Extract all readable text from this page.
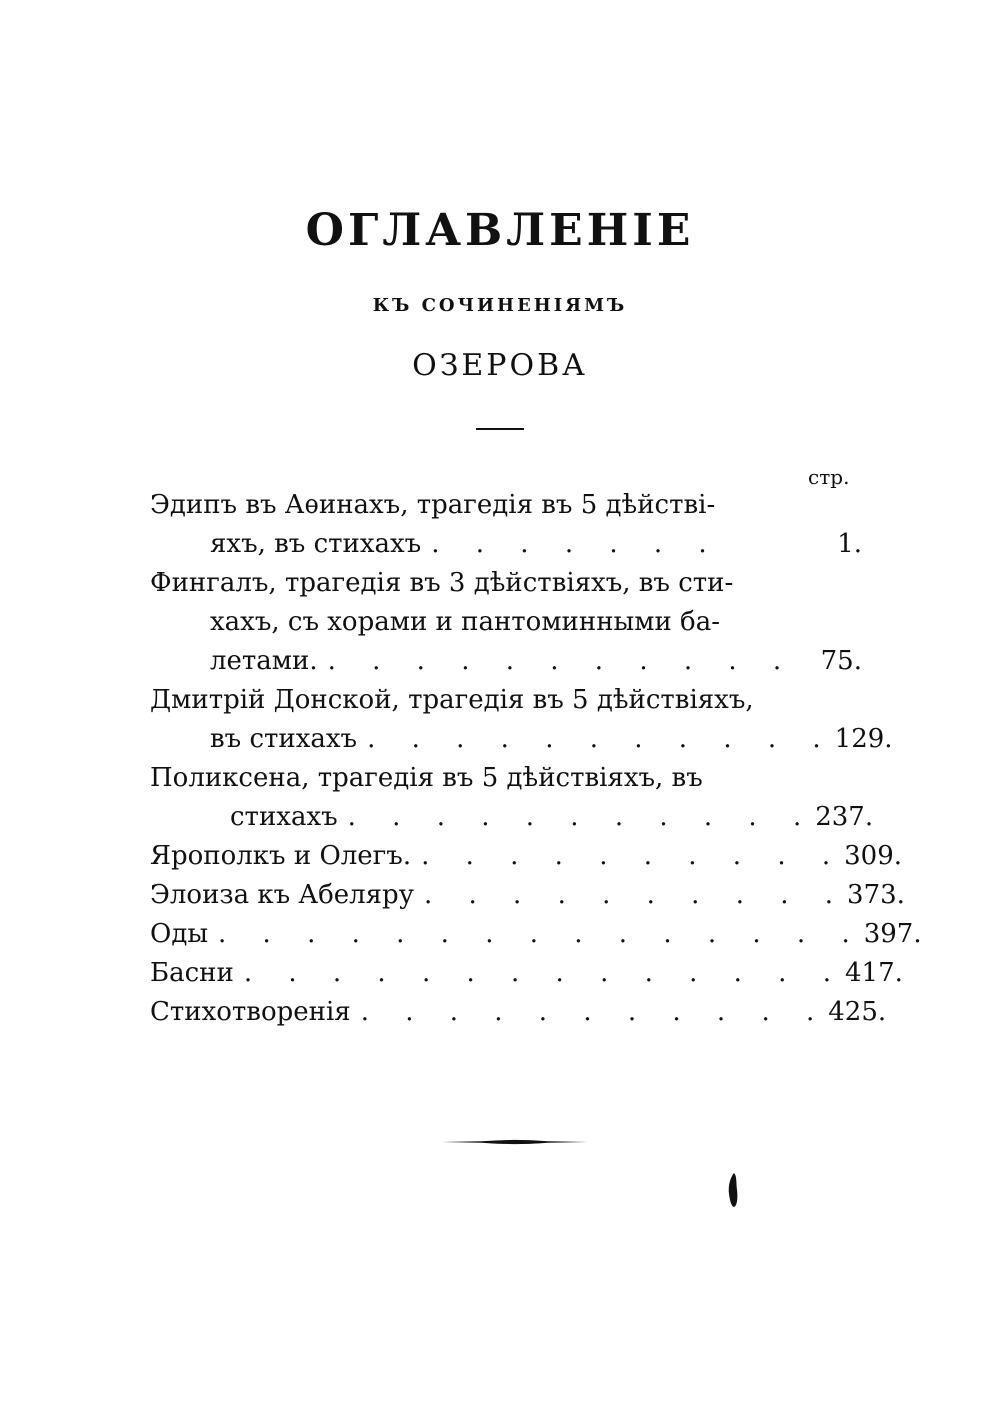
ОГЛАВЛЕНІЕ
КЪ СОЧИНЕНІЯМЪ
ОЗЕРОВА
стр.
Эдипъ въ Аѳинахъ, трагедія въ 5 дѣйстві-
яхъ, въ стихахъ . . . . . . .	1.
Фингалъ, трагедія въ 3 дѣйствіяхъ, въ сти-
хахъ, съ хорами и пантоминными ба-
летами. . . . . . . . . . . . 75.
Дмитрій Донской, трагедія въ 5 дѣйствіяхъ,
въ стихахъ . . . . . . . . . . . 129.
Поликсена, трагедія въ 5 дѣйствіяхъ, въ
стихахъ . . . . . . . . . . . 237.
Ярополкъ и Олегъ. . . . . . . . . . . 309.
Элоиза къ Абеляру . . . . . . . . . . 373.
Оды . . . . . . . . . . . . . . . 397.
Басни . . . . . . . . . . . . . . 417.
Стихотворенія . . . . . . . . . . . 425.
